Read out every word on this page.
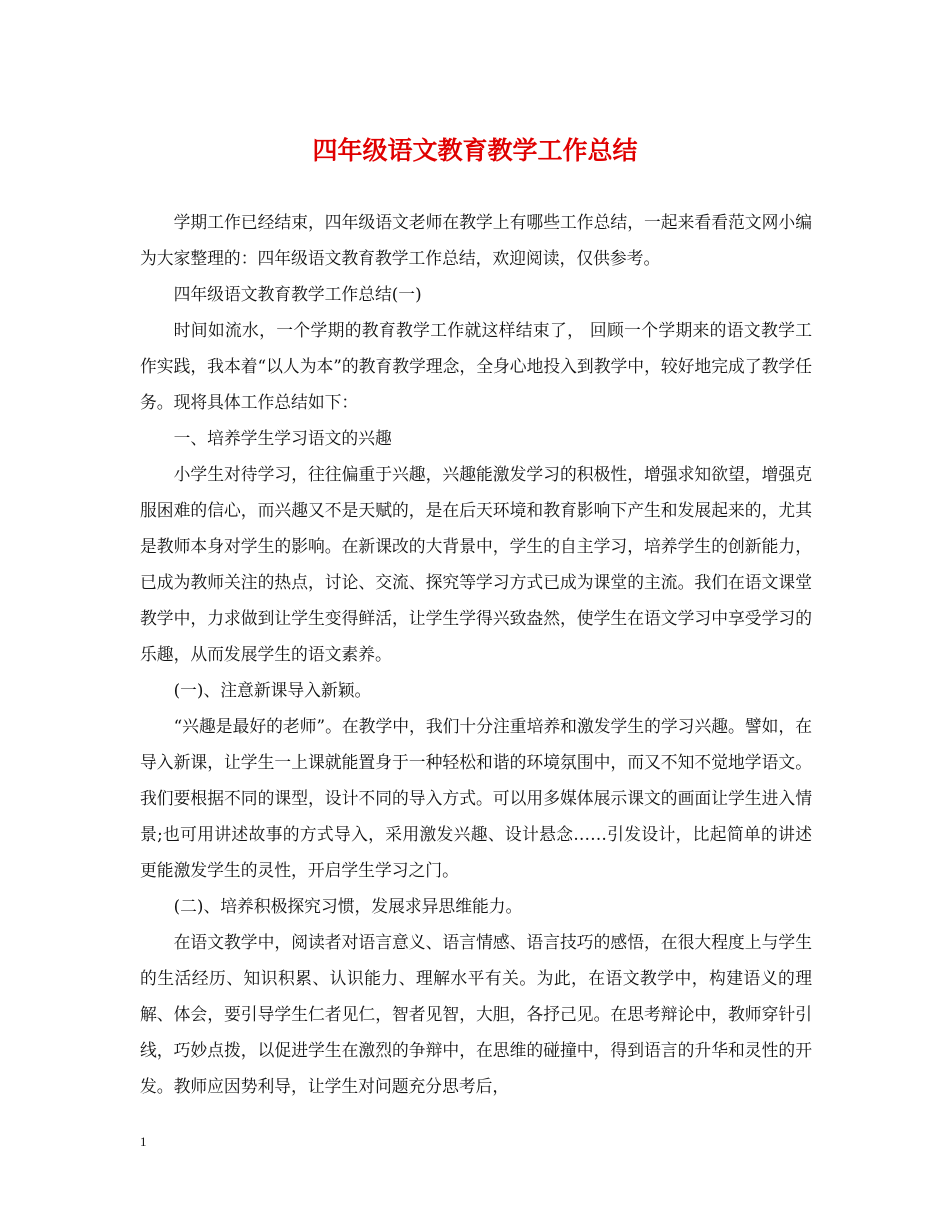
四年级语文教育教学工作总结

学期工作已经结束，四年级语文老师在教学上有哪些工作总结，一起来看看范文网小编为大家整理的：四年级语文教育教学工作总结，欢迎阅读，仅供参考。

四年级语文教育教学工作总结(一)

时间如流水，一个学期的教育教学工作就这样结束了， 回顾一个学期来的语文教学工作实践，我本着“以人为本”的教育教学理念，全身心地投入到教学中，较好地完成了教学任务。现将具体工作总结如下：

一、培养学生学习语文的兴趣

小学生对待学习，往往偏重于兴趣，兴趣能激发学习的积极性，增强求知欲望，增强克服困难的信心，而兴趣又不是天赋的，是在后天环境和教育影响下产生和发展起来的，尤其是教师本身对学生的影响。在新课改的大背景中，学生的自主学习，培养学生的创新能力，已成为教师关注的热点，讨论、交流、探究等学习方式已成为课堂的主流。我们在语文课堂教学中，力求做到让学生变得鲜活，让学生学得兴致盎然，使学生在语文学习中享受学习的乐趣，从而发展学生的语文素养。

(一)、注意新课导入新颖。

“兴趣是最好的老师”。在教学中，我们十分注重培养和激发学生的学习兴趣。譬如，在导入新课，让学生一上课就能置身于一种轻松和谐的环境氛围中，而又不知不觉地学语文。我们要根据不同的课型，设计不同的导入方式。可以用多媒体展示课文的画面让学生进入情景;也可用讲述故事的方式导入，采用激发兴趣、设计悬念……引发设计，比起简单的讲述更能激发学生的灵性，开启学生学习之门。

(二)、培养积极探究习惯，发展求异思维能力。

在语文教学中，阅读者对语言意义、语言情感、语言技巧的感悟，在很大程度上与学生的生活经历、知识积累、认识能力、理解水平有关。为此，在语文教学中，构建语义的理解、体会，要引导学生仁者见仁，智者见智，大胆，各抒己见。在思考辩论中，教师穿针引线，巧妙点拨，以促进学生在激烈的争辩中，在思维的碰撞中，得到语言的升华和灵性的开发。教师应因势利导，让学生对问题充分思考后，

1
